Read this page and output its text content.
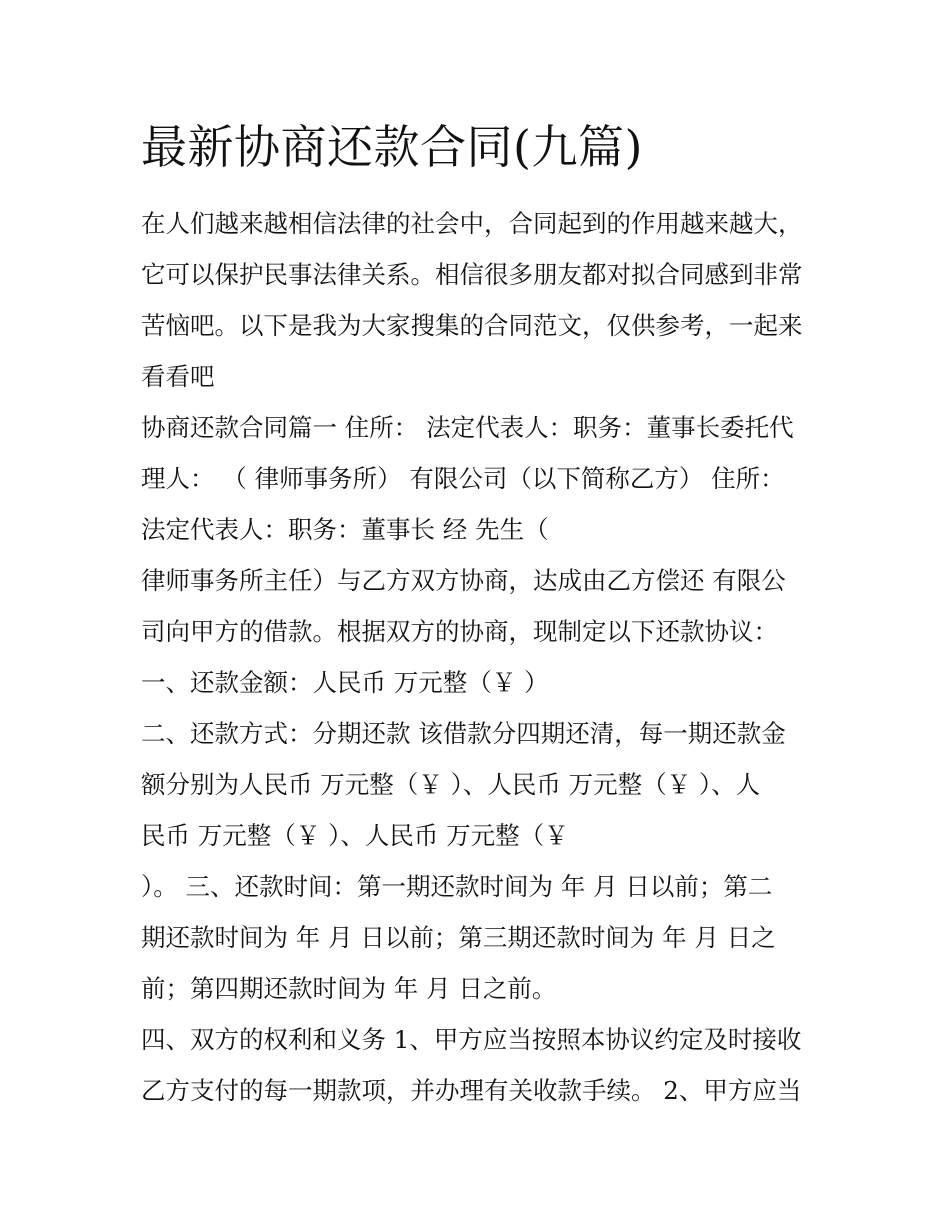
最新协商还款合同(九篇)

在人们越来越相信法律的社会中，合同起到的作用越来越大，

它可以保护民事法律关系。相信很多朋友都对拟合同感到非常

苦恼吧。以下是我为大家搜集的合同范文，仅供参考，一起来

看看吧

协商还款合同篇一 住所： 法定代表人：职务：董事长委托代

理人： （ 律师事务所） 有限公司（以下简称乙方） 住所：

法定代表人：职务：董事长 经 先生（

律师事务所主任）与乙方双方协商，达成由乙方偿还 有限公

司向甲方的借款。根据双方的协商，现制定以下还款协议：

一、还款金额：人民币 万元整（￥ ）

二、还款方式：分期还款 该借款分四期还清，每一期还款金

额分别为人民币 万元整（￥ ）、人民币 万元整（￥ ）、人

民币 万元整（￥ ）、人民币 万元整（￥

）。 三、还款时间：第一期还款时间为 年 月 日以前；第二

期还款时间为 年 月 日以前；第三期还款时间为 年 月 日之

前；第四期还款时间为 年 月 日之前。

四、双方的权利和义务 1、甲方应当按照本协议约定及时接收

乙方支付的每一期款项，并办理有关收款手续。 2、甲方应当
